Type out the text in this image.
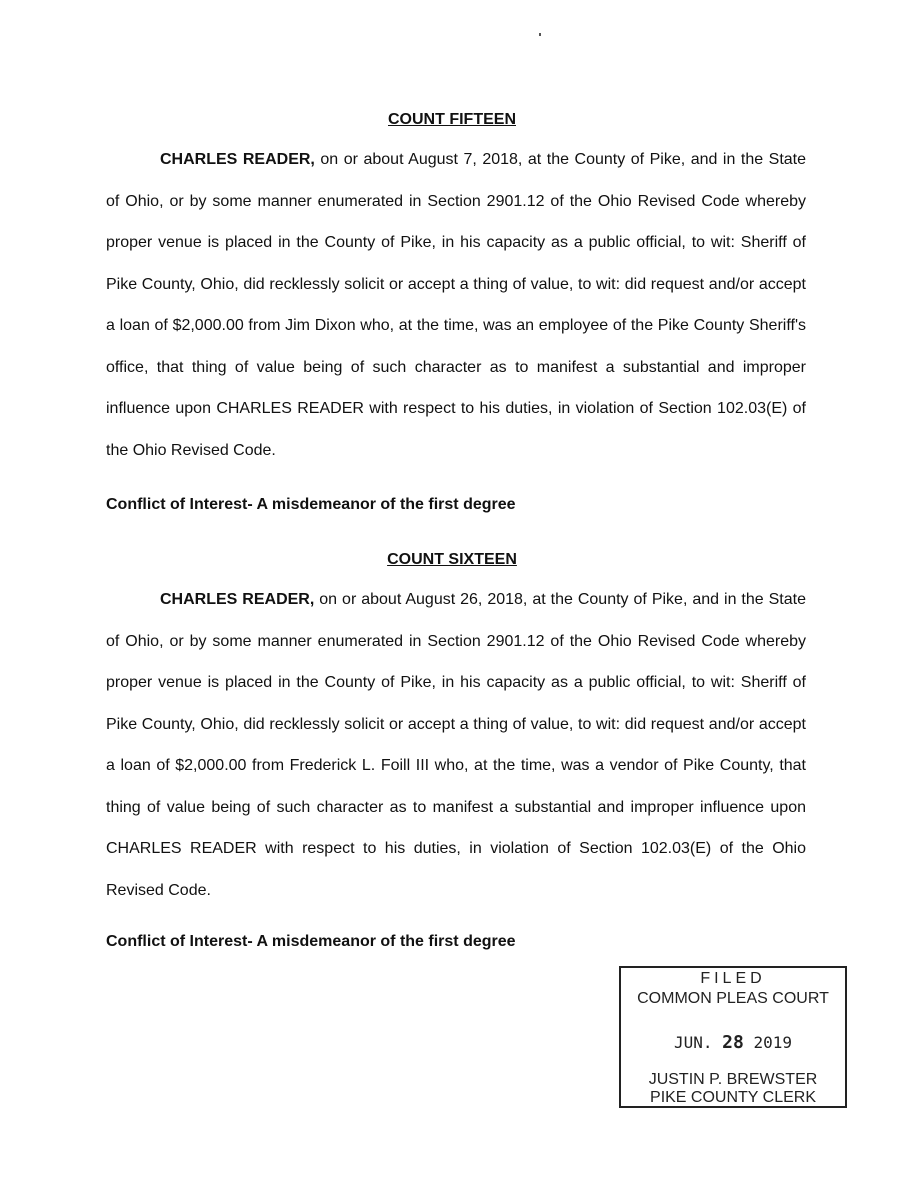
COUNT FIFTEEN

CHARLES READER, on or about August 7, 2018, at the County of Pike, and in the State of Ohio, or by some manner enumerated in Section 2901.12 of the Ohio Revised Code whereby proper venue is placed in the County of Pike, in his capacity as a public official, to wit: Sheriff of Pike County, Ohio, did recklessly solicit or accept a thing of value, to wit: did request and/or accept a loan of $2,000.00 from Jim Dixon who, at the time, was an employee of the Pike County Sheriff's office, that thing of value being of such character as to manifest a substantial and improper influence upon CHARLES READER with respect to his duties, in violation of Section 102.03(E) of the Ohio Revised Code.

Conflict of Interest- A misdemeanor of the first degree
COUNT SIXTEEN

CHARLES READER, on or about August 26, 2018, at the County of Pike, and in the State of Ohio, or by some manner enumerated in Section 2901.12 of the Ohio Revised Code whereby proper venue is placed in the County of Pike, in his capacity as a public official, to wit: Sheriff of Pike County, Ohio, did recklessly solicit or accept a thing of value, to wit: did request and/or accept a loan of $2,000.00 from Frederick L. Foill III who, at the time, was a vendor of Pike County, that thing of value being of such character as to manifest a substantial and improper influence upon CHARLES READER with respect to his duties, in violation of Section 102.03(E) of the Ohio Revised Code.

Conflict of Interest- A misdemeanor of the first degree
FILED
COMMON PLEAS COURT
JUN. 28 2019
JUSTIN P. BREWSTER
PIKE COUNTY CLERK
